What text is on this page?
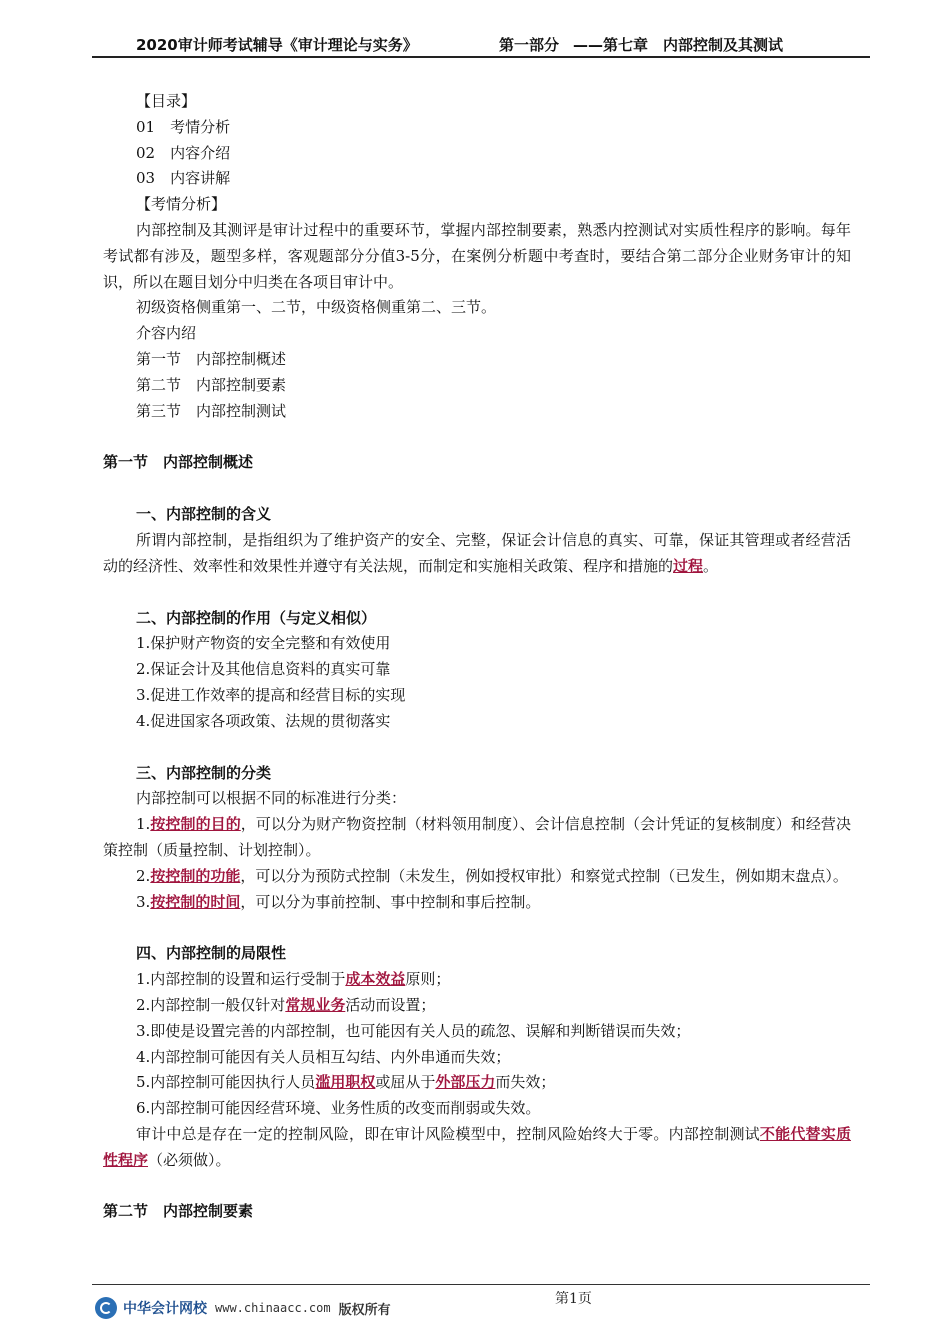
2020审计师考试辅导《审计理论与实务》	第一部分 ——第七章　内部控制及其测试

【目录】

01　考情分析

02　内容介绍

03　内容讲解

【考情分析】

内部控制及其测评是审计过程中的重要环节，掌握内部控制要素，熟悉内控测试对实质性程序的影响。每年考试都有涉及，题型多样，客观题部分分值3-5分，在案例分析题中考查时，要结合第二部分企业财务审计的知识，所以在题目划分中归类在各项目审计中。

初级资格侧重第一、二节，中级资格侧重第二、三节。

介容内绍

第一节　内部控制概述

第二节　内部控制要素

第三节　内部控制测试

第一节　内部控制概述

一、内部控制的含义

所谓内部控制，是指组织为了维护资产的安全、完整，保证会计信息的真实、可靠，保证其管理或者经营活动的经济性、效率性和效果性并遵守有关法规，而制定和实施相关政策、程序和措施的过程。

二、内部控制的作用（与定义相似）

1.保护财产物资的安全完整和有效使用

2.保证会计及其他信息资料的真实可靠

3.促进工作效率的提高和经营目标的实现

4.促进国家各项政策、法规的贯彻落实

三、内部控制的分类

内部控制可以根据不同的标准进行分类：

1.按控制的目的，可以分为财产物资控制（材料领用制度）、会计信息控制（会计凭证的复核制度）和经营决策控制（质量控制、计划控制）。

2.按控制的功能，可以分为预防式控制（未发生，例如授权审批）和察觉式控制（已发生，例如期末盘点）。

3.按控制的时间，可以分为事前控制、事中控制和事后控制。

四、内部控制的局限性

1.内部控制的设置和运行受制于成本效益原则；

2.内部控制一般仅针对常规业务活动而设置；

3.即使是设置完善的内部控制，也可能因有关人员的疏忽、误解和判断错误而失效；

4.内部控制可能因有关人员相互勾结、内外串通而失效；

5.内部控制可能因执行人员滥用职权或屈从于外部压力而失效；

6.内部控制可能因经营环境、业务性质的改变而削弱或失效。

审计中总是存在一定的控制风险，即在审计风险模型中，控制风险始终大于零。内部控制测试不能代替实质性程序（必须做）。

第二节　内部控制要素

第1页
中华会计网校 www.chinaacc.com 版权所有
